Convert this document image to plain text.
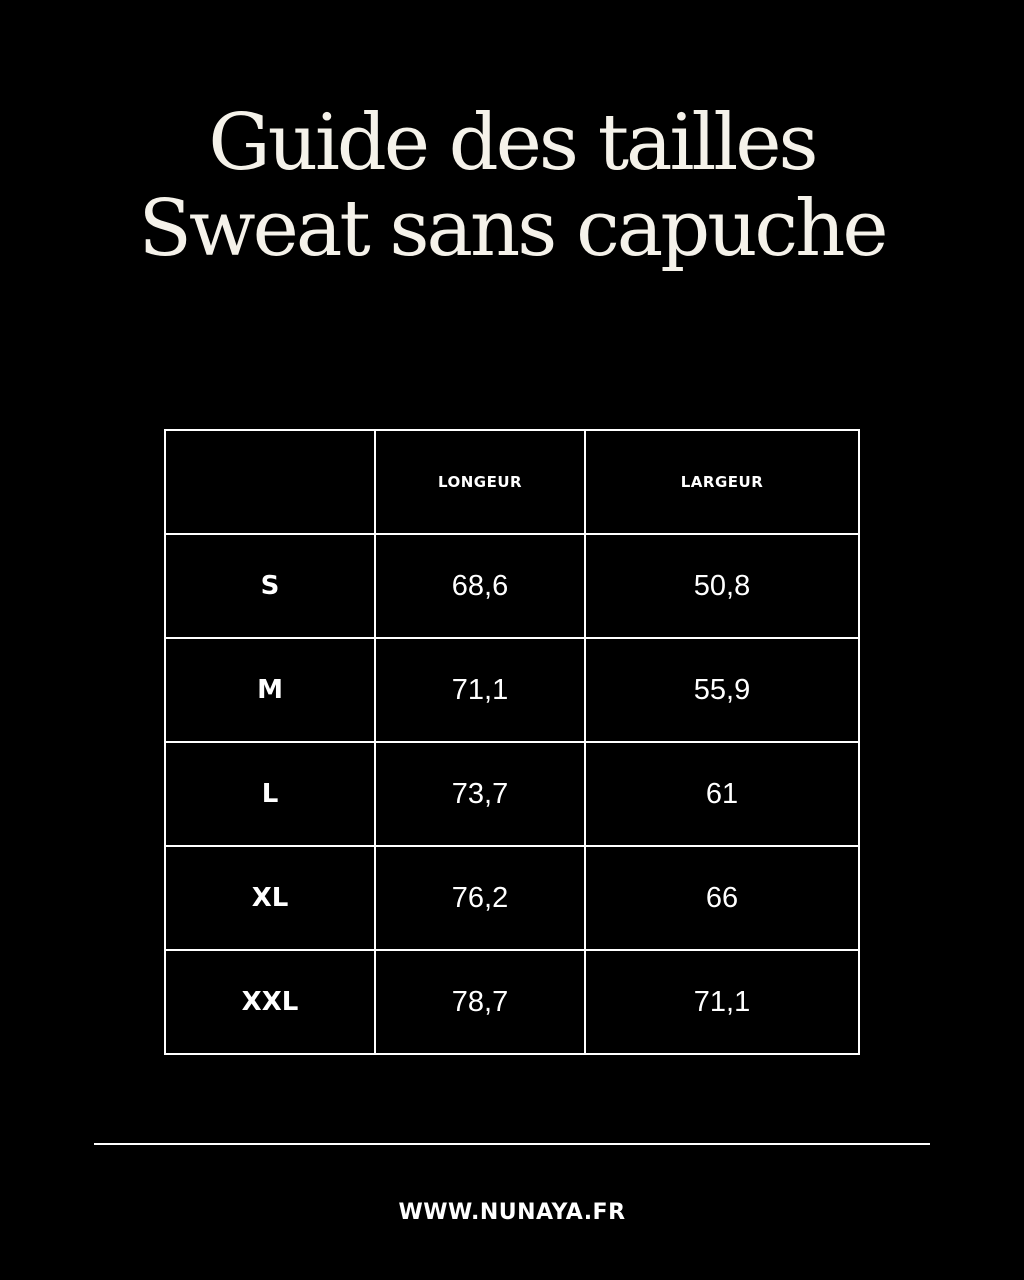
Guide des tailles
Sweat sans capuche
	LONGEUR	LARGEUR
S	68,6	50,8
M	71,1	55,9
L	73,7	61
XL	76,2	66
XXL	78,7	71,1
WWW.NUNAYA.FR
